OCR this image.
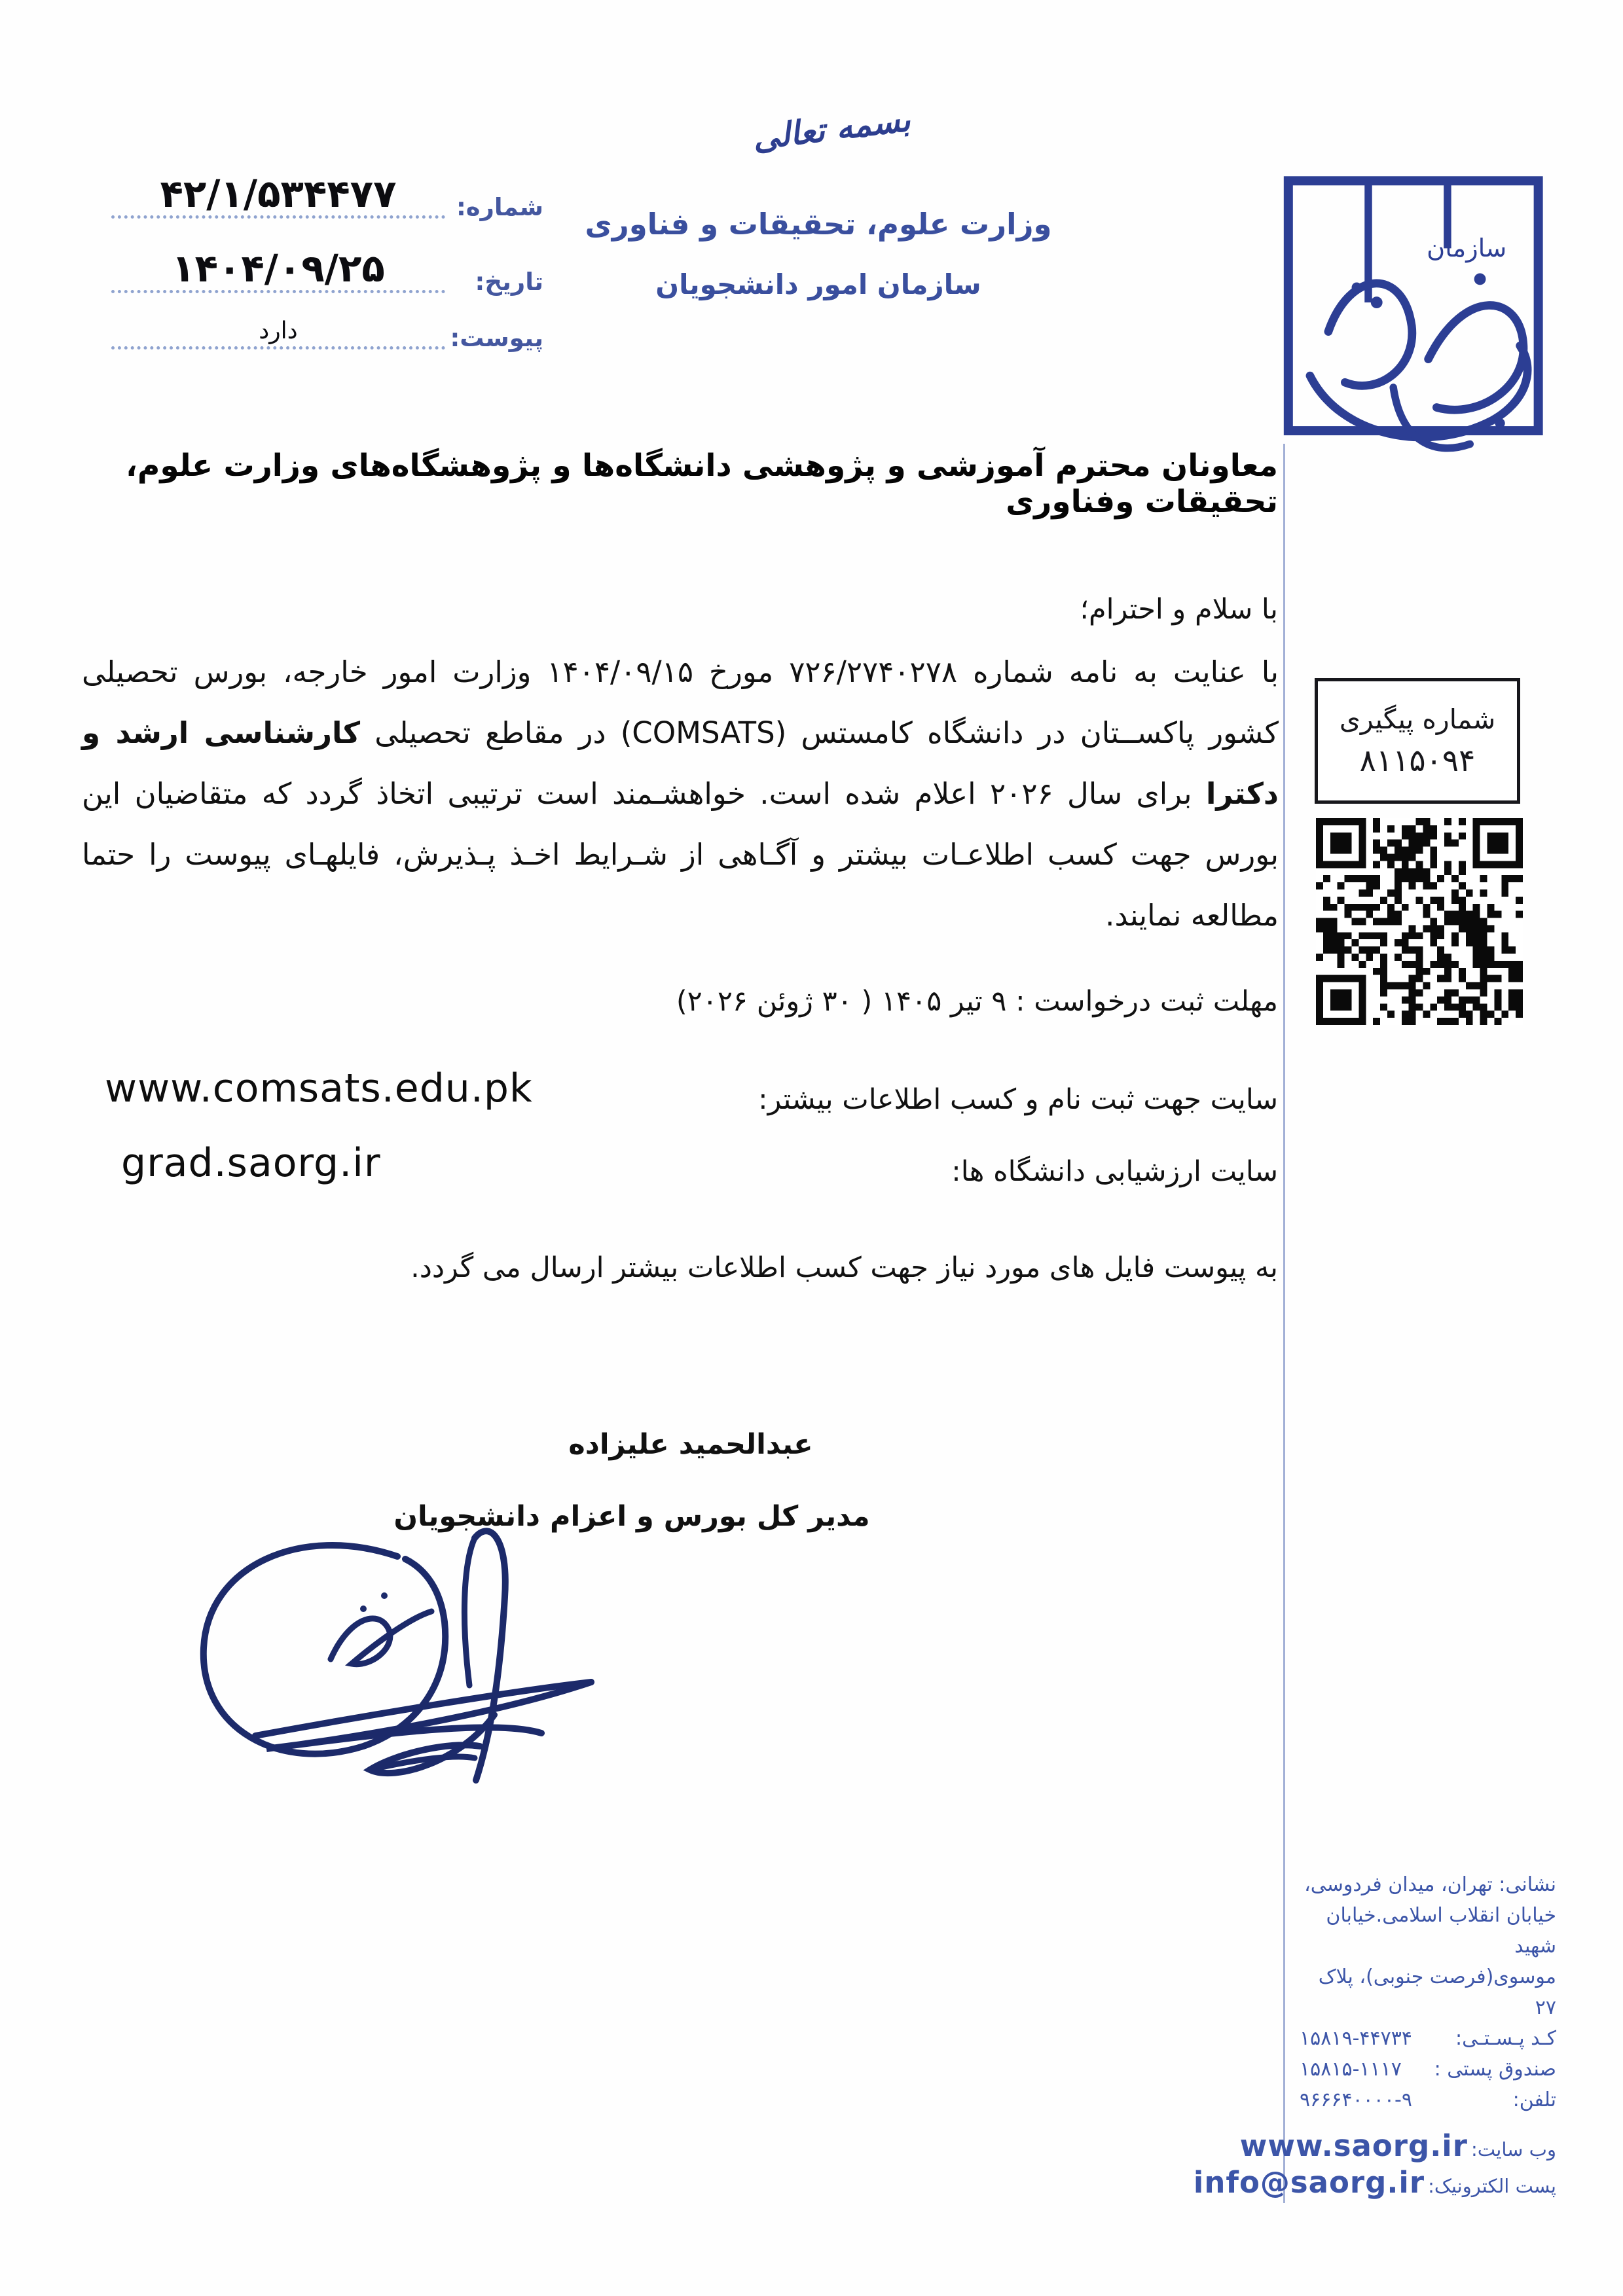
بسمه تعالی
وزارت علوم، تحقیقات و فناوری
سازمان امور دانشجویان
سازمان
شماره:
۴۲/۱/۵۳۴۴۷۷
تاریخ:
۱۴۰۴/۰۹/۲۵
پیوست:
دارد
معاونان محترم آموزشی و پژوهشی دانشگاه‌ها و پژوهشگاه‌های وزارت علوم، تحقیقات وفناوری
با سلام و احترام؛
با عنایت به نامه شماره ۷۲۶/۲۷۴۰۲۷۸ مورخ ۱۴۰۴/۰۹/۱۵ وزارت امور خارجه، بورس تحصیلی کشور پاکســتان در دانشگاه کامستس (COMSATS) در مقاطع تحصیلی کارشناسی ارشد و دکترا برای سال ۲۰۲۶ اعلام شده است. خواهشـمند است ترتیبی اتخاذ گردد که متقاضیان این بورس جهت کسب اطلاعـات بیشتر و آگـاهی از شـرایط اخـذ پـذیرش، فایلهـای پیوست را حتما مطالعه نمایند.
مهلت ثبت درخواست : ۹ تیر ۱۴۰۵ ( ۳۰ ژوئن ۲۰۲۶)
سایت جهت ثبت نام و کسب اطلاعات بیشتر:
www.comsats.edu.pk
سایت ارزشیابی دانشگاه ها:
grad.saorg.ir
به پیوست فایل های مورد نیاز جهت کسب اطلاعات بیشتر ارسال می گردد.
عبدالحمید علیزاده
مدیر کل بورس و اعزام دانشجویان
شماره پیگیری
۸۱۱۵۰۹۴
نشانی: تهران، میدان فردوسی،
خیابان انقلاب اسلامی.خیابان شهید
موسوی(فرصت جنوبی)، پلاک ۲۷
کـد پـسـتـی:
۱۵۸۱۹-۴۴۷۳۴
صندوق پستی :
۱۵۸۱۵-۱۱۱۷
تلفن:
۹۶۶۶۴۰۰۰۰-۹
وب سایت: www.saorg.ir
پست الکترونیک: info@saorg.ir
